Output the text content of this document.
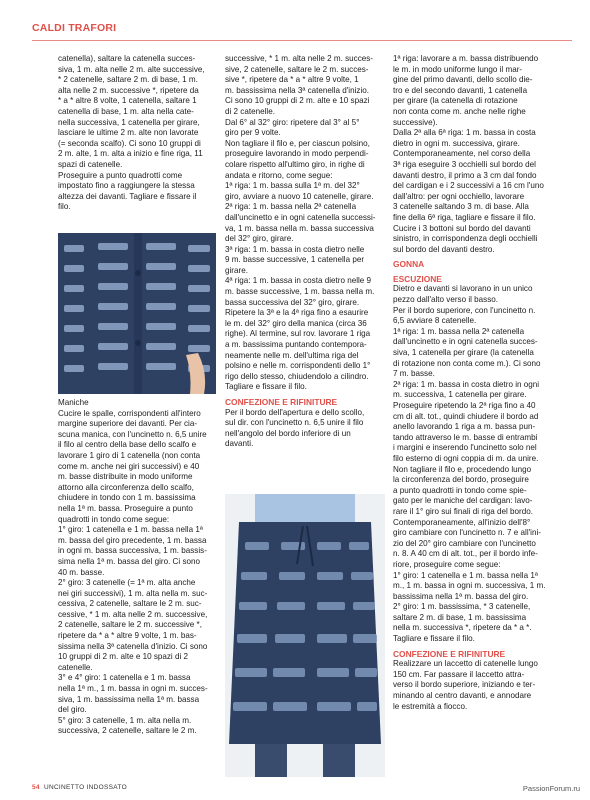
CALDI TRAFORI

catenella), saltare la catenella succes-

siva, 1 m. alta nelle 2 m. alte successive,

* 2 catenelle, saltare 2 m. di base, 1 m.

alta nelle 2 m. successive *, ripetere da

* a * altre 8 volte, 1 catenella, saltare 1

catenella di base, 1 m. alta nella cate-

nella successiva, 1 catenella per girare,

lasciare le ultime 2 m. alte non lavorate

(= seconda scalfo). Ci sono 10 gruppi di

2 m. alte, 1 m. alta a inizio e fine riga, 11

spazi di catenelle.

Proseguire a punto quadrotti come

impostato fino a raggiungere la stessa

altezza dei davanti. Tagliare e fissare il

filo.

Maniche

Cucire le spalle, corrispondenti all'intero

margine superiore dei davanti. Per cia-

scuna manica, con l'uncinetto n. 6,5 unire

il filo al centro della base dello scalfo e

lavorare 1 giro di 1 catenella (non conta

come m. anche nei giri successivi) e 40

m. basse distribuite in modo uniforme

attorno alla circonferenza dello scalfo,

chiudere in tondo con 1 m. bassissima

nella 1ª m. bassa. Proseguire a punto

quadrotti in tondo come segue:

1° giro: 1 catenella e 1 m. bassa nella 1ª

m. bassa del giro precedente, 1 m. bassa

in ogni m. bassa successiva, 1 m. bassis-

sima nella 1ª m. bassa del giro. Ci sono

40 m. basse.

2° giro: 3 catenelle (= 1ª m. alta anche

nei giri successivi), 1 m. alta nella m. suc-

cessiva, 2 catenelle, saltare le 2 m. suc-

cessive, * 1 m. alta nelle 2 m. successive,

2 catenelle, saltare le 2 m. successive *,

ripetere da * a * altre 9 volte, 1 m. bas-

sissima nella 3ª catenella d'inizio. Ci sono

10 gruppi di 2 m. alte e 10 spazi di 2

catenelle.

3° e 4° giro: 1 catenella e 1 m. bassa

nella 1ª m., 1 m. bassa in ogni m. succes-

siva, 1 m. bassissima nella 1ª m. bassa

del giro.

5° giro: 3 catenelle, 1 m. alta nella m.

successiva, 2 catenelle, saltare le 2 m.

successive, * 1 m. alta nelle 2 m. succes-

sive, 2 catenelle, saltare le 2 m. succes-

sive *, ripetere da * a * altre 9 volte, 1

m. bassissima nella 3ª catenella d'inizio.

Ci sono 10 gruppi di 2 m. alte e 10 spazi

di 2 catenelle.

Dal 6° al 32° giro: ripetere dal 3° al 5°

giro per 9 volte.

Non tagliare il filo e, per ciascun polsino,

proseguire lavorando in modo perpendi-

colare rispetto all'ultimo giro, in righe di

andata e ritorno, come segue:

1ª riga: 1 m. bassa sulla 1ª m. del 32°

giro, avviare a nuovo 10 catenelle, girare.

2ª riga: 1 m. bassa nella 2ª catenella

dall'uncinetto e in ogni catenella successi-

va, 1 m. bassa nella m. bassa successiva

del 32° giro, girare.

3ª riga: 1 m. bassa in costa dietro nelle

9 m. basse successive, 1 catenella per

girare.

4ª riga: 1 m. bassa in costa dietro nelle 9

m. basse successive, 1 m. bassa nella m.

bassa successiva del 32° giro, girare.

Ripetere la 3ª e la 4ª riga fino a esaurire

le m. del 32° giro della manica (circa 36

righe). Al termine, sul rov. lavorare 1 riga

a m. bassissima puntando contempora-

neamente nelle m. dell'ultima riga del

polsino e nelle m. corrispondenti dello 1°

rigo dello stesso, chiudendolo a cilindro.

Tagliare e fissare il filo.

CONFEZIONE E RIFINITURE

Per il bordo dell'apertura e dello scollo,

sul dir. con l'uncinetto n. 6,5 unire il filo

nell'angolo del bordo inferiore di un

davanti.

1ª riga: lavorare a m. bassa distribuendo

le m. in modo uniforme lungo il mar-

gine del primo davanti, dello scollo die-

tro e del secondo davanti, 1 catenella

per girare (la catenella di rotazione

non conta come m. anche nelle righe

successive).

Dalla 2ª alla 6ª riga: 1 m. bassa in costa

dietro in ogni m. successiva, girare.

Contemporaneamente, nel corso della

3ª riga eseguire 3 occhielli sul bordo del

davanti destro, il primo a 3 cm dal fondo

del cardigan e i 2 successivi a 16 cm l'uno

dall'altro: per ogni occhiello, lavorare

3 catenelle saltando 3 m. di base. Alla

fine della 6ª riga, tagliare e fissare il filo.

Cucire i 3 bottoni sul bordo del davanti

sinistro, in corrispondenza degli occhielli

sul bordo del davanti destro.

GONNA

ESCUZIONE

Dietro e davanti si lavorano in un unico

pezzo dall'alto verso il basso.

Per il bordo superiore, con l'uncinetto n.

6,5 avviare 8 catenelle.

1ª riga: 1 m. bassa nella 2ª catenella

dall'uncinetto e in ogni catenella succes-

siva, 1 catenella per girare (la catenella

di rotazione non conta come m.). Ci sono

7 m. basse.

2ª riga: 1 m. bassa in costa dietro in ogni

m. successiva, 1 catenella per girare.

Proseguire ripetendo la 2ª riga fino a 40

cm di alt. tot., quindi chiudere il bordo ad

anello lavorando 1 riga a m. bassa pun-

tando attraverso le m. basse di entrambi

i margini e inserendo l'uncinetto solo nel

filo esterno di ogni coppia di m. da unire.

Non tagliare il filo e, procedendo lungo

la circonferenza del bordo, proseguire

a punto quadrotti in tondo come spie-

gato per le maniche del cardigan: lavo-

rare il 1° giro sui finali di riga del bordo.

Contemporaneamente, all'inizio dell'8°

giro cambiare con l'uncinetto n. 7 e all'ini-

zio del 20° giro cambiare con l'uncinetto

n. 8. A 40 cm di alt. tot., per il bordo infe-

riore, proseguire come segue:

1° giro: 1 catenella e 1 m. bassa nella 1ª

m., 1 m. bassa in ogni m. successiva, 1 m.

bassissima nella 1ª m. bassa del giro.

2° giro: 1 m. bassissima, * 3 catenelle,

saltare 2 m. di base, 1 m. bassissima

nella m. successiva *, ripetere da * a *.

Tagliare e fissare il filo.

CONFEZIONE E RIFINITURE

Realizzare un laccetto di catenelle lungo

150 cm. Far passare il laccetto attra-

verso il bordo superiore, iniziando e ter-

minando al centro davanti, e annodare

le estremità a fiocco.

54 UNCINETTO INDOSSATO	PassionForum.ru
